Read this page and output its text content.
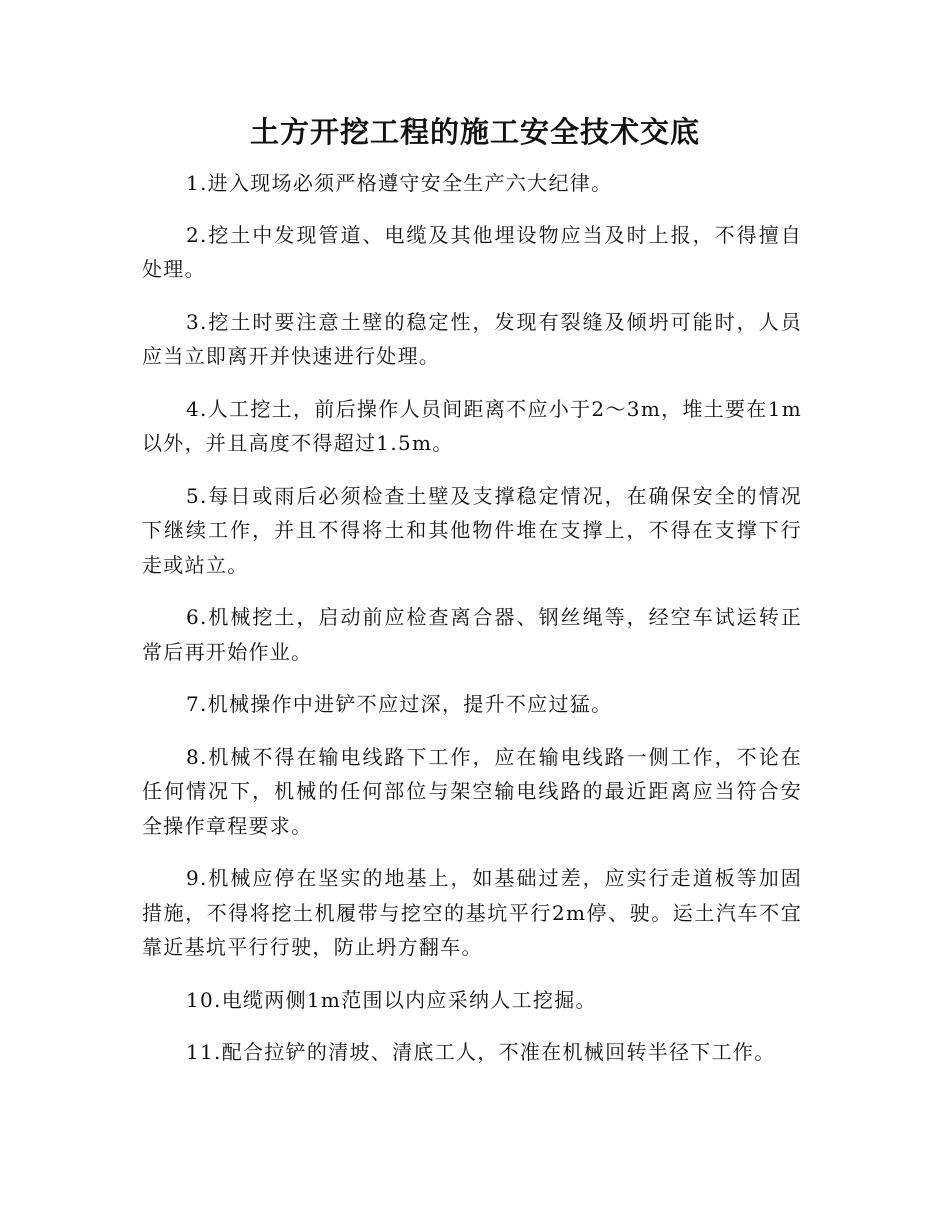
土方开挖工程的施工安全技术交底

1.进入现场必须严格遵守安全生产六大纪律。

2.挖土中发现管道、电缆及其他埋设物应当及时上报，不得擅自处理。

3.挖土时要注意土壁的稳定性，发现有裂缝及倾坍可能时，人员应当立即离开并快速进行处理。

4.人工挖土，前后操作人员间距离不应小于2～3m，堆土要在1m以外，并且高度不得超过1.5m。

5.每日或雨后必须检查土壁及支撑稳定情况，在确保安全的情况下继续工作，并且不得将土和其他物件堆在支撑上，不得在支撑下行走或站立。

6.机械挖土，启动前应检查离合器、钢丝绳等，经空车试运转正常后再开始作业。

7.机械操作中进铲不应过深，提升不应过猛。

8.机械不得在输电线路下工作，应在输电线路一侧工作，不论在任何情况下，机械的任何部位与架空输电线路的最近距离应当符合安全操作章程要求。

9.机械应停在坚实的地基上，如基础过差，应实行走道板等加固措施，不得将挖土机履带与挖空的基坑平行2m停、驶。运土汽车不宜靠近基坑平行行驶，防止坍方翻车。

10.电缆两侧1m范围以内应采纳人工挖掘。

11.配合拉铲的清坡、清底工人，不准在机械回转半径下工作。
